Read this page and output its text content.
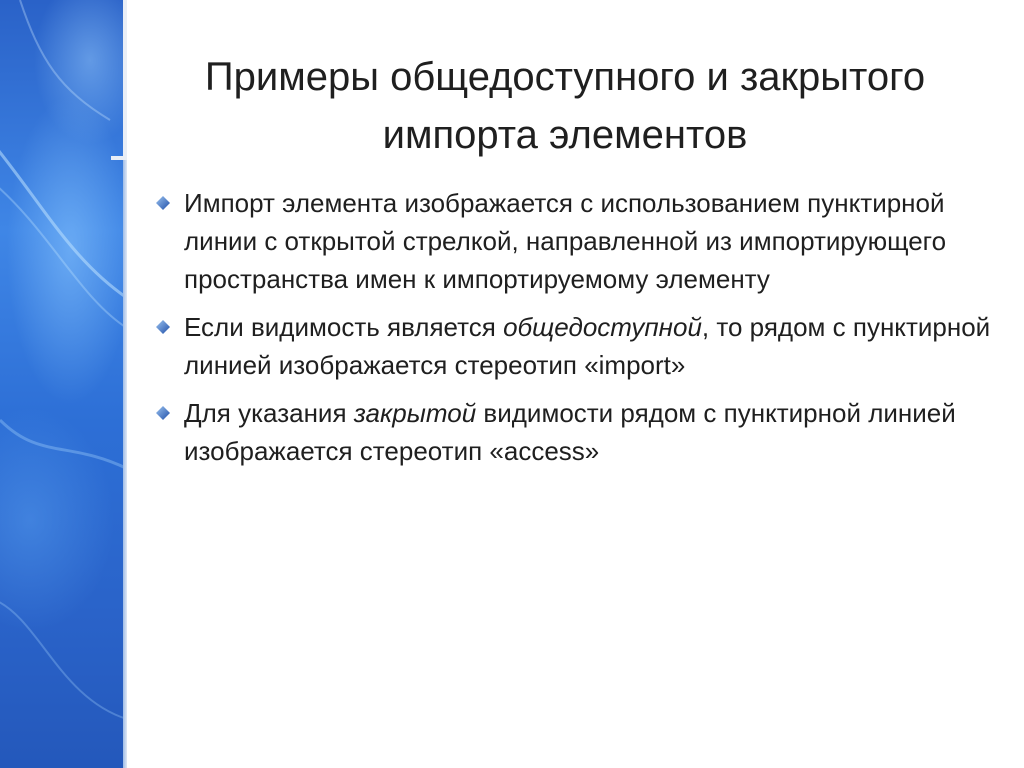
Примеры общедоступного и закрытого
импорта элементов
Импорт элемента изображается с использованием пунктирной линии с открытой стрелкой, направленной из импортирующего пространства имен к импортируемому элементу
Если видимость является общедоступной, то рядом с пунктирной линией изображается стереотип «import»
Для указания закрытой видимости рядом с пунктирной линией изображается стереотип «access»
